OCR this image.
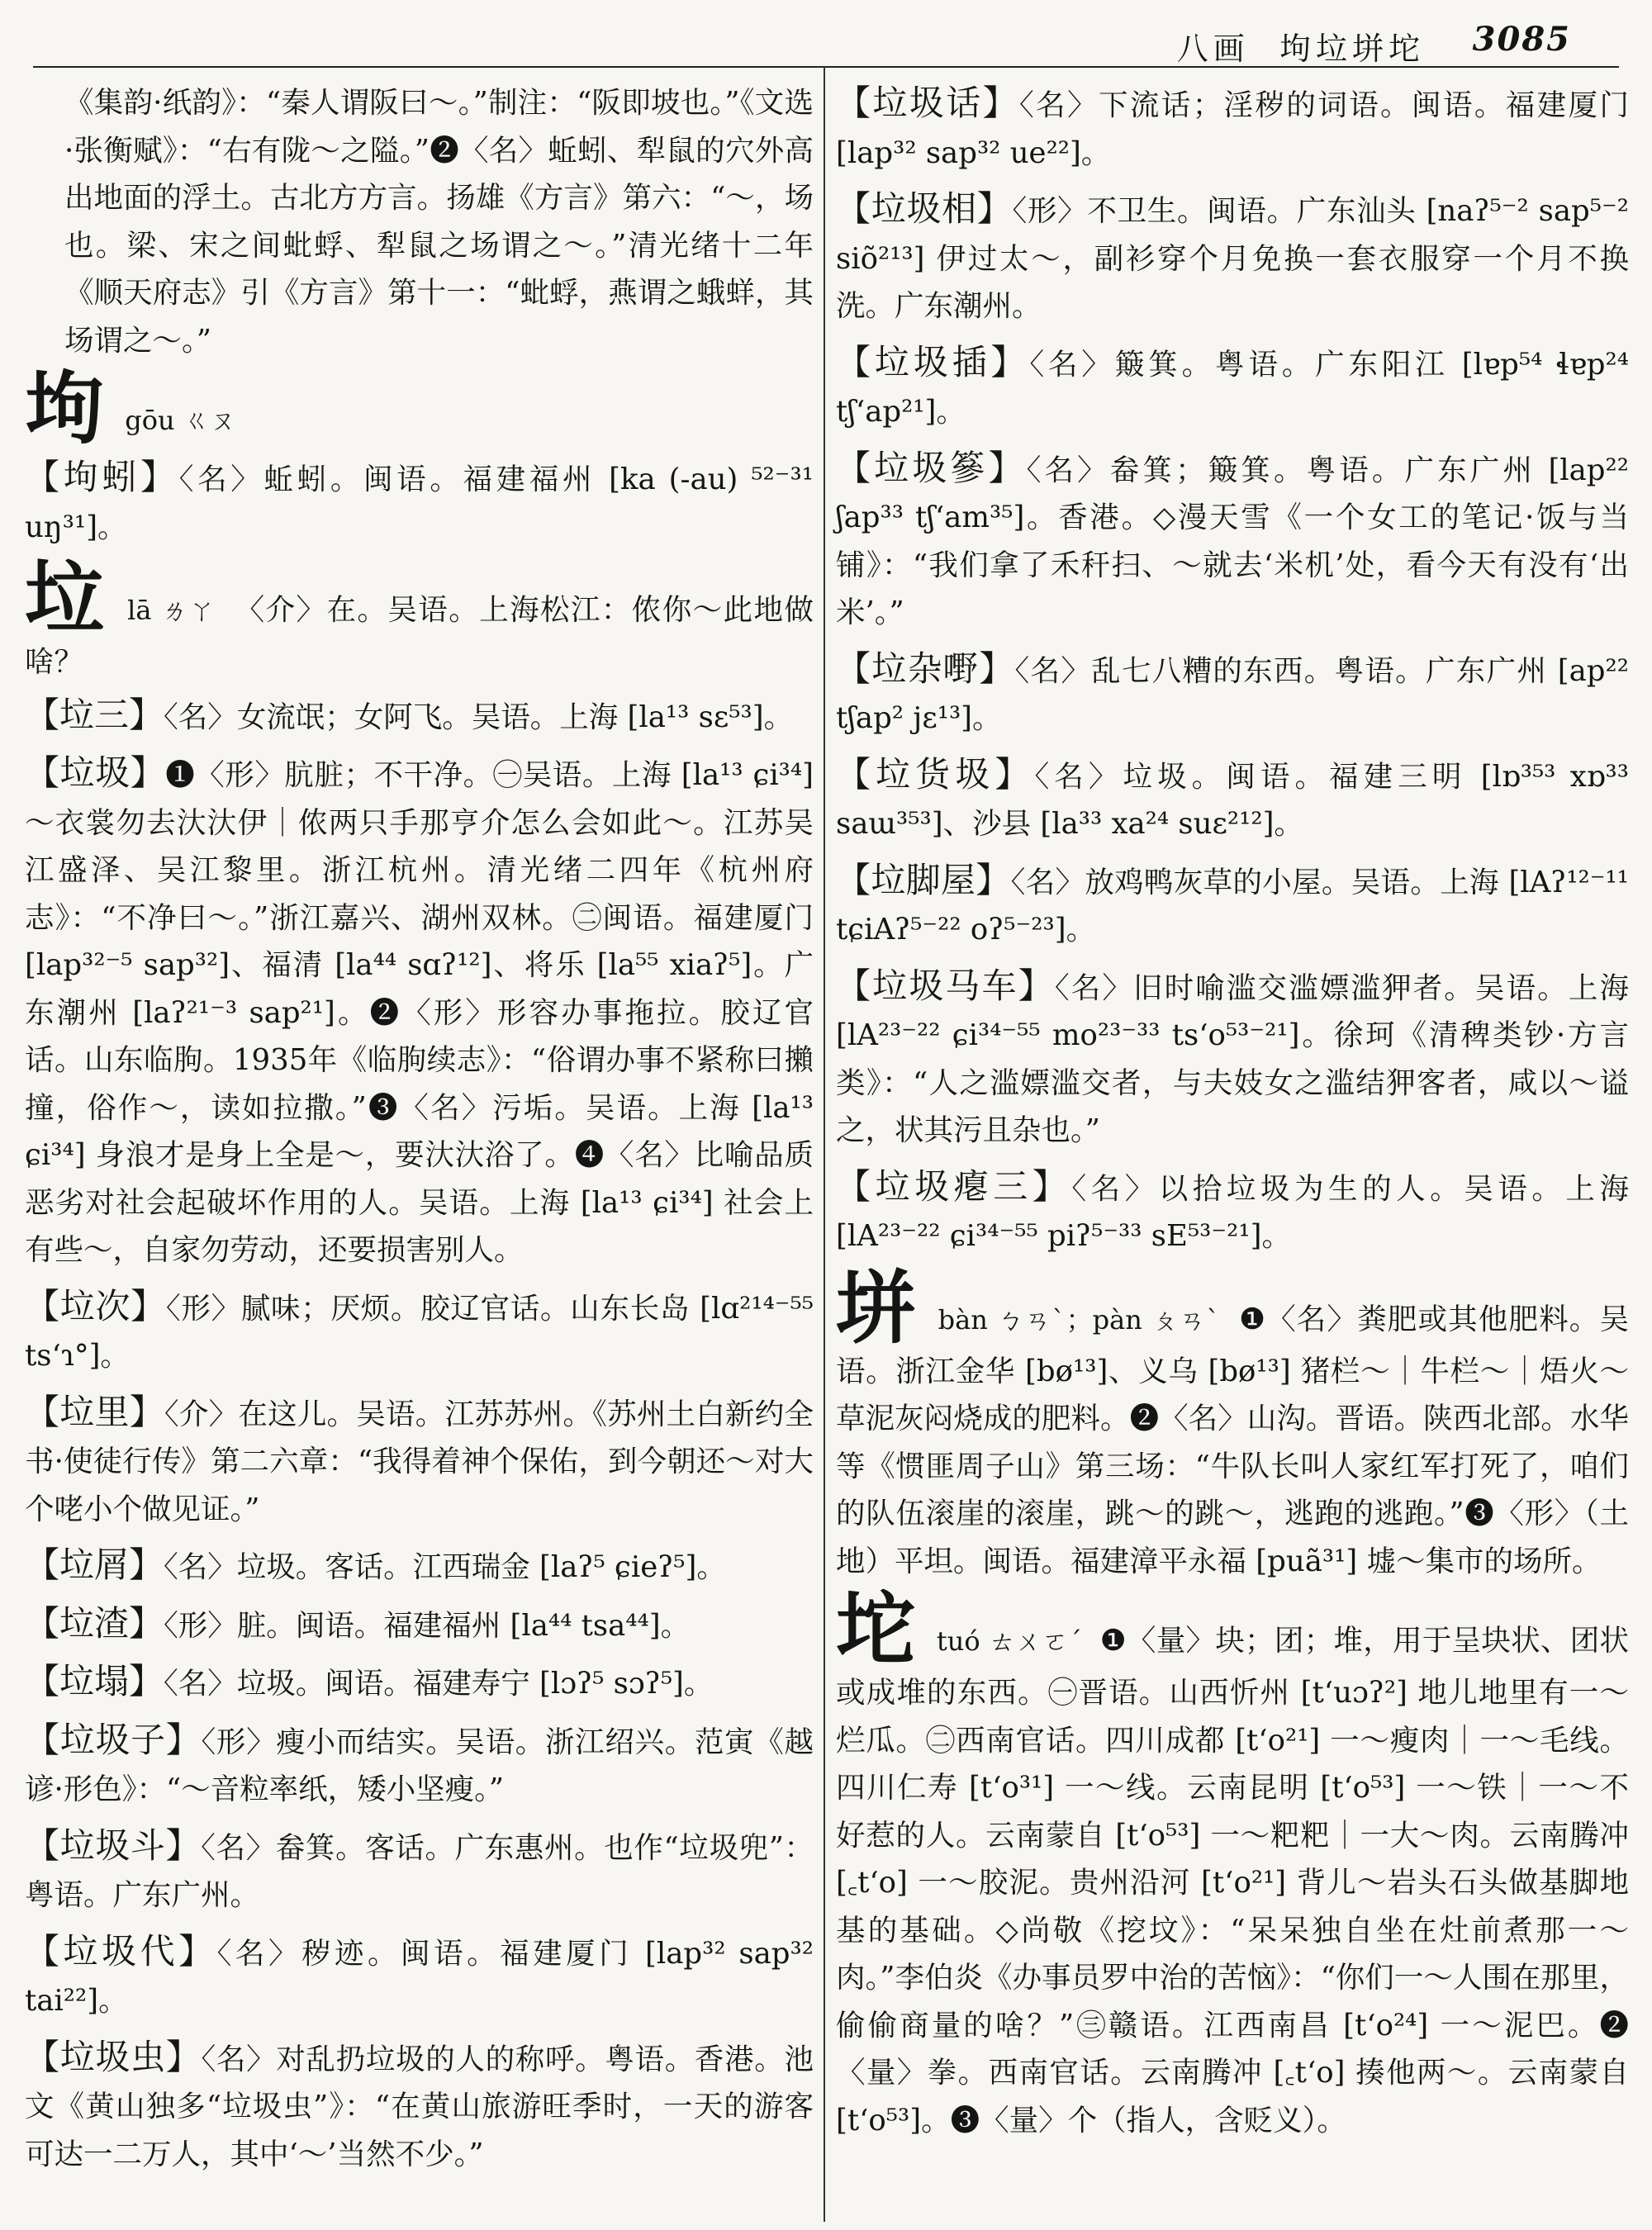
八画 坸垃垪坨 3085

《集韵·纸韵》：“秦人谓阪曰～。”制注：“阪即坡也。”《文选·张衡赋》：“右有陇～之隘。”❷〈名〉蚯蚓、犁鼠的穴外高出地面的浮土。古北方方言。扬雄《方言》第六：“～，场也。梁、宋之间蚍蜉、犁鼠之场谓之～。”清光绪十二年《顺天府志》引《方言》第十一：“蚍蜉，燕谓之蛾蛘，其场谓之～。”

坸 gōu ㄍㄡ

【坸蚓】〈名〉蚯蚓。闽语。福建福州 [ka (-au) ⁵²⁻³¹ uŋ³¹]。

垃 lā ㄌㄚ 〈介〉在。吴语。上海松江：侬你～此地做啥？

【垃三】〈名〉女流氓；女阿飞。吴语。上海 [la¹³ sɛ⁵³]。

【垃圾】❶〈形〉肮脏；不干净。㊀吴语。上海 [la¹³ ɕi³⁴] ～衣裳勿去汏汏伊｜侬两只手那亨介怎么会如此～。江苏吴江盛泽、吴江黎里。浙江杭州。清光绪二四年《杭州府志》：“不净曰～。”浙江嘉兴、湖州双林。㊁闽语。福建厦门 [lap³²⁻⁵ sap³²]、福清 [la⁴⁴ sɑʔ¹²]、将乐 [la⁵⁵ xiaʔ⁵]。广东潮州 [laʔ²¹⁻³ sap²¹]。❷〈形〉形容办事拖拉。胶辽官话。山东临朐。1935年《临朐续志》：“俗谓办事不紧称曰攋撞，俗作～，读如拉撒。”❸〈名〉污垢。吴语。上海 [la¹³ ɕi³⁴] 身浪才是身上全是～，要汏汏浴了。❹〈名〉比喻品质恶劣对社会起破坏作用的人。吴语。上海 [la¹³ ɕi³⁴] 社会上有些～，自家勿劳动，还要损害别人。

【垃次】〈形〉腻味；厌烦。胶辽官话。山东长岛 [lɑ²¹⁴⁻⁵⁵ tsʻɿ°]。

【垃里】〈介〉在这儿。吴语。江苏苏州。《苏州土白新约全书·使徒行传》第二六章：“我得着神个保佑，到今朝还～对大个咾小个做见证。”

【垃屑】〈名〉垃圾。客话。江西瑞金 [laʔ⁵ ɕieʔ⁵]。

【垃渣】〈形〉脏。闽语。福建福州 [la⁴⁴ tsa⁴⁴]。

【垃塌】〈名〉垃圾。闽语。福建寿宁 [lɔʔ⁵ sɔʔ⁵]。

【垃圾子】〈形〉瘦小而结实。吴语。浙江绍兴。范寅《越谚·形色》：“～音粒率纸，矮小坚瘦。”

【垃圾斗】〈名〉畚箕。客话。广东惠州。也作“垃圾兜”：粤语。广东广州。

【垃圾代】〈名〉秽迹。闽语。福建厦门 [lap³² sap³² tai²²]。

【垃圾虫】〈名〉对乱扔垃圾的人的称呼。粤语。香港。池文《黄山独多“垃圾虫”》：“在黄山旅游旺季时，一天的游客可达一二万人，其中‘～’当然不少。”

【垃圾话】〈名〉下流话；淫秽的词语。闽语。福建厦门 [lap³² sap³² ue²²]。

【垃圾相】〈形〉不卫生。闽语。广东汕头 [naʔ⁵⁻² sap⁵⁻² siõ²¹³] 伊过太～，副衫穿个月免换一套衣服穿一个月不换洗。广东潮州。

【垃圾插】〈名〉簸箕。粤语。广东阳江 [lɐp⁵⁴ ɬɐp²⁴ tʃʻap²¹]。

【垃圾篸】〈名〉畚箕；簸箕。粤语。广东广州 [lap²² ʃap³³ tʃʻam³⁵]。香港。◇漫天雪《一个女工的笔记·饭与当铺》：“我们拿了禾秆扫、～就去‘米机’处，看今天有没有‘出米’。”

【垃杂嘢】〈名〉乱七八糟的东西。粤语。广东广州 [ap²² tʃap² jɛ¹³]。

【垃货圾】〈名〉垃圾。闽语。福建三明 [lɒ³⁵³ xɒ³³ saɯ³⁵³]、沙县 [la³³ xa²⁴ suɛ²¹²]。

【垃脚屋】〈名〉放鸡鸭灰草的小屋。吴语。上海 [lAʔ¹²⁻¹¹ tɕiAʔ⁵⁻²² oʔ⁵⁻²³]。

【垃圾马车】〈名〉旧时喻滥交滥嫖滥狎者。吴语。上海 [lA²³⁻²² ɕi³⁴⁻⁵⁵ mo²³⁻³³ tsʻo⁵³⁻²¹]。徐珂《清稗类钞·方言类》：“人之滥嫖滥交者，与夫妓女之滥结狎客者，咸以～谥之，状其污且杂也。”

【垃圾瘪三】〈名〉以拾垃圾为生的人。吴语。上海 [lA²³⁻²² ɕi³⁴⁻⁵⁵ piʔ⁵⁻³³ sE⁵³⁻²¹]。

垪 bàn ㄅㄢˋ；pàn ㄆㄢˋ ❶〈名〉粪肥或其他肥料。吴语。浙江金华 [bø¹³]、义乌 [bø¹³] 猪栏～｜牛栏～｜焐火～草泥灰闷烧成的肥料。❷〈名〉山沟。晋语。陕西北部。水华等《惯匪周子山》第三场：“牛队长叫人家红军打死了，咱们的队伍滚崖的滚崖，跳～的跳～，逃跑的逃跑。”❸〈形〉（土地）平坦。闽语。福建漳平永福 [puã³¹] 墟～集市的场所。
坨 tuó ㄊㄨㄛˊ ❶〈量〉块；团；堆，用于呈块状、团状或成堆的东西。㊀晋语。山西忻州 [tʻuɔʔ²] 地儿地里有一～烂瓜。㊁西南官话。四川成都 [tʻo²¹] 一～瘦肉｜一～毛线。四川仁寿 [tʻo³¹] 一～线。云南昆明 [tʻo⁵³] 一～铁｜一～不好惹的人。云南蒙自 [tʻo⁵³] 一～粑粑｜一大～肉。云南腾冲 [꜀tʻo] 一～胶泥。贵州沿河 [tʻo²¹] 背儿～岩头石头做基脚地基的基础。◇尚敬《挖坟》：“呆呆独自坐在灶前煮那一～肉。”李伯炎《办事员罗中治的苦恼》：“你们一～人围在那里，偷偷商量的啥？”㊂赣语。江西南昌 [tʻo²⁴] 一～泥巴。❷〈量〉拳。西南官话。云南腾冲 [꜀tʻo] 揍他两～。云南蒙自 [tʻo⁵³]。❸〈量〉个（指人，含贬义）。
